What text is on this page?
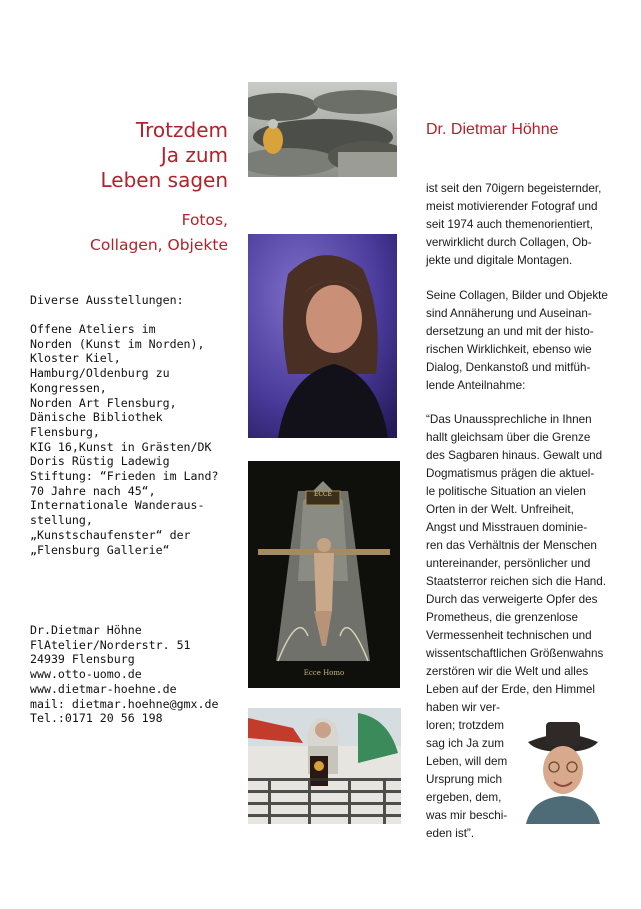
Trotzdem
Ja zum
Leben sagen
Fotos,
Collagen, Objekte
Diverse Ausstellungen:
Offene Ateliers im
Norden (Kunst im Norden),
Kloster Kiel,
Hamburg/Oldenburg zu
Kongressen,
Norden Art Flensburg,
Dänische Bibliothek
Flensburg,
KIG 16,Kunst in Grästen/DK
Doris Rüstig Ladewig
Stiftung: “Frieden im Land?
70 Jahre nach 45“,
Internationale Wanderaus-
stellung,
„Kunstschaufenster“ der
„Flensburg Gallerie“
Dr.Dietmar Höhne
FlAtelier/Norderstr. 51
24939 Flensburg
www.otto-uomo.de
www.dietmar-hoehne.de
mail: dietmar.hoehne@gmx.de
Tel.:0171 20 56 198
ECCE
Ecce Homo
Dr. Dietmar Höhne
ist seit den 70igern begeisternder,
meist motivierender Fotograf und
seit 1974 auch themenorientiert,
verwirklicht durch Collagen, Ob-
jekte und digitale Montagen.
Seine Collagen, Bilder und Objekte
sind Annäherung und Auseinan-
dersetzung an und mit der histo-
rischen Wirklichkeit, ebenso wie
Dialog, Denkanstoß und mitfüh-
lende Anteilnahme:
“Das Unaussprechliche in Ihnen
hallt gleichsam über die Grenze
des Sagbaren hinaus. Gewalt und
Dogmatismus prägen die aktuel-
le politische Situation an vielen
Orten in der Welt. Unfreiheit,
Angst und Misstrauen dominie-
ren das Verhältnis der Menschen
untereinander, persönlicher und
Staatsterror reichen sich die Hand.
Durch das verweigerte Opfer des
Prometheus, die grenzenlose
Vermessenheit technischen und
wissentschaftlichen Größenwahns
zerstören wir die Welt und alles
Leben auf der Erde, den Himmel
haben wir ver-
loren; trotzdem
sag ich Ja zum
Leben, will dem
Ursprung mich
ergeben, dem,
was mir beschi-
eden ist”.
